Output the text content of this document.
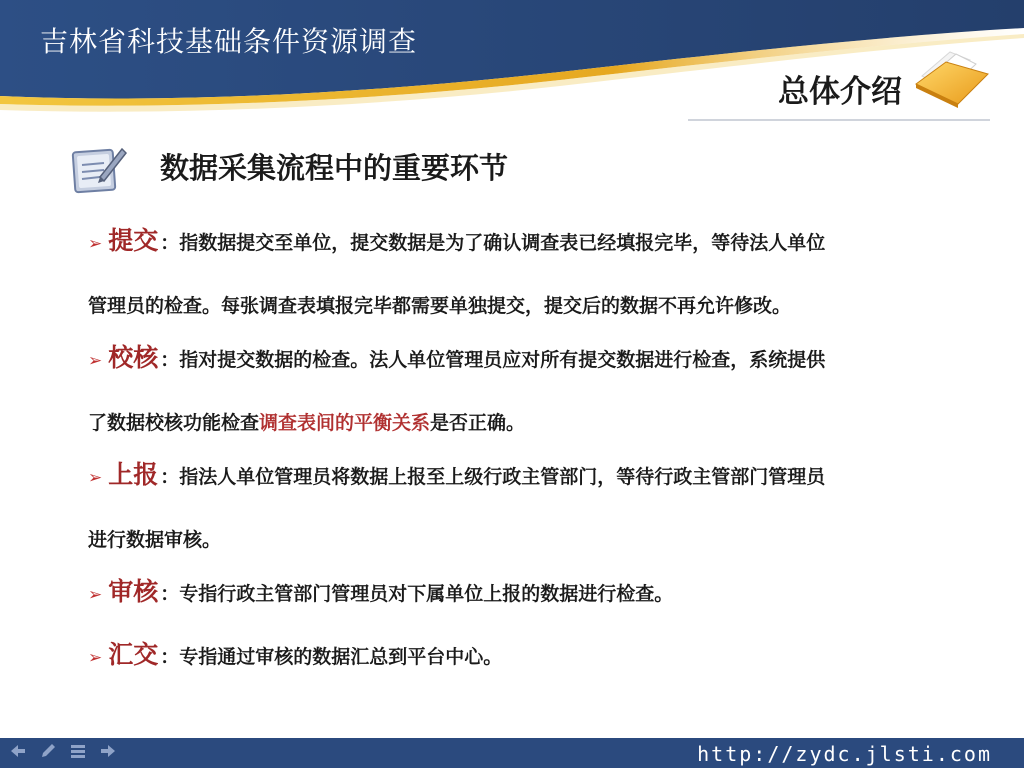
吉林省科技基础条件资源调查
总体介绍
数据采集流程中的重要环节
➢ 提交 ：指数据提交至单位，提交数据是为了确认调查表已经填报完毕，等待法人单位
管理员的检查。每张调查表填报完毕都需要单独提交，提交后的数据不再允许修改。
➢ 校核 ：指对提交数据的检查。法人单位管理员应对所有提交数据进行检查，系统提供
了数据校核功能检查调查表间的平衡关系是否正确。
➢ 上报 ：指法人单位管理员将数据上报至上级行政主管部门，等待行政主管部门管理员
进行数据审核。
➢ 审核 ：专指行政主管部门管理员对下属单位上报的数据进行检查。
➢ 汇交 ：专指通过审核的数据汇总到平台中心。
http://zydc.jlsti.com
